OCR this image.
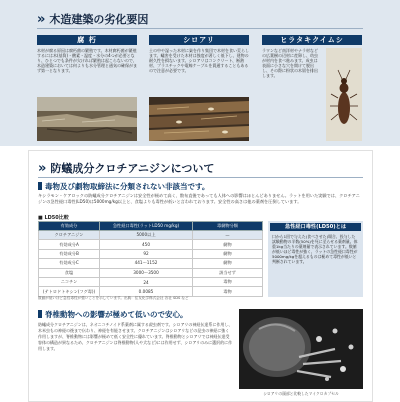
» 木造建築の劣化要因
腐 朽
木材が腐る原因は腐朽菌の繁殖です。木材腐朽菌が繁殖するには木(基質)・酸素・温度・水分の4つが必要となり、ひとつでも条件が欠ければ繁殖は起こらないので、木造建築においては何よりも水分管理と通気の確保がまず第一となります。
シロアリ
土の中や湿った木材に巣を作り集団で木材を食い荒らします。蟻害を受けた木材は強度が著しく低下し、建物の耐久性を損ないます。シロアリはコンクリート、断熱材、プラスチックや電線ケーブルを貫通することもあるので注意が必要です。
ヒラタキクイムシ
ラワンなど南洋材やナラ材などの広葉樹の辺材に産卵し、幼虫が材内を食べ進みます。成虫は表面に小さな穴を開けて脱出し、その際に粉状の木屑を排出します。
» 防蟻成分クロチアニジンについて
毒物及び劇物取締法に分類されない非該当です。
キシラモン・ケアロックの防蟻成分クロチアニジンは安全性が極めて高く、散布直後であっても人体への影響はほとんどありません。ラットを用いた実験では、クロチアニジンの急性経口毒性(LD50)は5000mg/kg以上と、食塩よりも毒性が低いと言われております。安全性の高さは他の薬剤を圧倒しています。
■ LD50比較
有効成分	急性経口毒性(ラットLD50 mg/kg)	毒劇物分類
クロチアニジン	5000以上	—
有効成分A	450	劇物
有効成分B	92	劇物
有効成分C	441〜1152	劇物
食塩	3000〜3500	該当せず
ニコチン	24	毒物
(テトロドトキシン(フグ毒))	0.0085	毒物
数値が低いほど急性毒性が強いことを示しています。出典：住友化学株式会社 各社 SDS など
急性経口毒性(LD50)とは
口から1回で与えた(食べさせた)場合、投与した試験動物の半数(50%)を死に至らせる薬剤量。体重1kg当たりの薬剤量で表示されています。数値が低いほど毒性が強く、ラットの急性経口毒性が5000mg/kgを超えるものは極めて毒性が低いと判断されています。
脊椎動物への影響が極めて低いので安心。
防蟻成分クロチアニジンは、ネオニコチノイド系薬剤に属する殺虫剤です。シロアリの神経伝達系に作用し、木米虫もの神経の後まで伝わり、神経を有能させます。クロチアニジンはシロアリなどの昆虫の神経に強く作用しますが、脊椎動物には影響が極めて低く安全性に優れています。脊椎動物とシロアリでは神経伝達受容体の構造が異なるため、クロチアニジンは脊椎動物(人や犬など)には作用せず、シロアリのみに選択的に作用します。
シロアリの頭部と比較したマイクロカプセル
